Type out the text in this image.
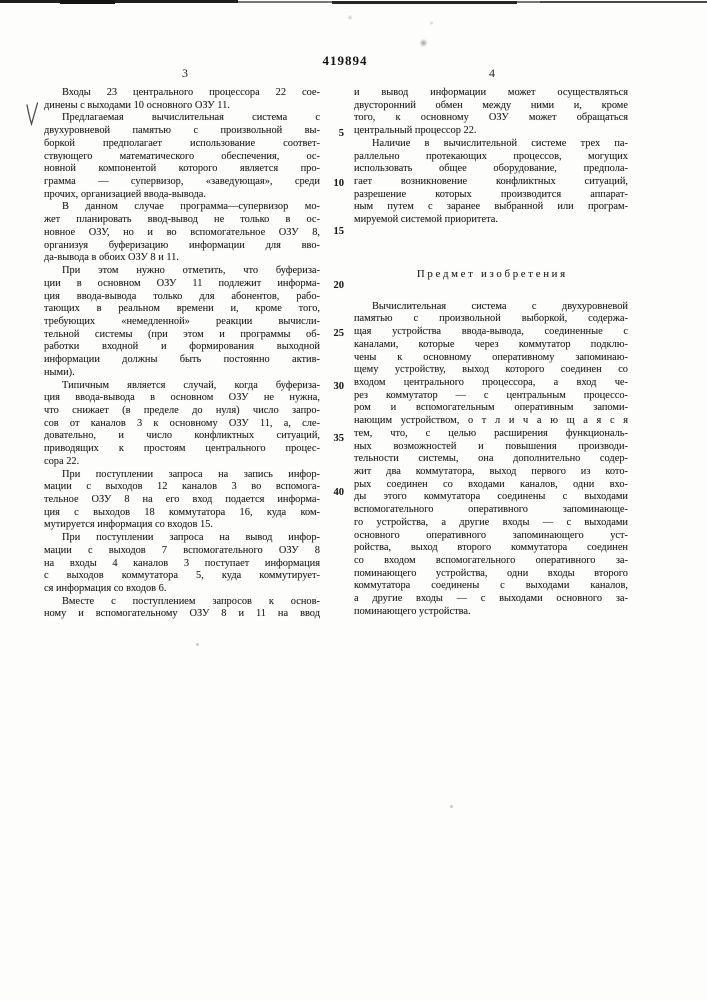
419894
3	4
Входы 23 центрального процессора 22 сое-
динены с выходами 10 основного ОЗУ 11.
Предлагаемая вычислительная система с
двухуровневой памятью с произвольной вы-
боркой предполагает использование соответ-
ствующего математического обеспечения, ос-
новной компонентой которого является про-
грамма — супервизор, «заведующая», среди
прочих, организацией ввода-вывода.
В данном случае программа—супервизор мо-
жет планировать ввод-вывод не только в ос-
новное ОЗУ, но и во вспомогательное ОЗУ 8,
организуя буферизацию информации для вво-
да-вывода в обоих ОЗУ 8 и 11.
При этом нужно отметить, что буфериза-
ции в основном ОЗУ 11 подлежит информа-
ция ввода-вывода только для абонентов, рабо-
тающих в реальном времени и, кроме того,
требующих «немедленной» реакции вычисли-
тельной системы (при этом и программы об-
работки входной и формирования выходной
информации должны быть постоянно актив-
ными).
Типичным является случай, когда буфериза-
ция ввода-вывода в основном ОЗУ не нужна,
что снижает (в пределе до нуля) число запро-
сов от каналов 3 к основному ОЗУ 11, а, сле-
довательно, и число конфликтных ситуаций,
приводящих к простоям центрального процес-
сора 22.
При поступлении запроса на запись инфор-
мации с выходов 12 каналов 3 во вспомога-
тельное ОЗУ 8 на его вход подается информа-
ция с выходов 18 коммутатора 16, куда ком-
мутируется информация со входов 15.
При поступлении запроса на вывод инфор-
мации с выходов 7 вспомогательного ОЗУ 8
на входы 4 каналов 3 поступает информация
с выходов коммутатора 5, куда коммутирует-
ся информация со входов 6.
Вместе с поступлением запросов к основ-
ному и вспомогательному ОЗУ 8 и 11 на ввод
и вывод информации может осуществляться
двусторонний обмен между ними и, кроме
того, к основному ОЗУ может обращаться
центральный процессор 22.
Наличие в вычислительной системе трех па-
раллельно протекающих процессов, могущих
использовать общее оборудование, предпола-
гает возникновение конфликтных ситуаций,
разрешение которых производится аппарат-
ным путем с заранее выбранной или програм-
мируемой системой приоритета.
П р е д м е т   и з о б р е т е н и я
Вычислительная система с двухуровневой
памятью с произвольной выборкой, содержа-
щая устройства ввода-вывода, соединенные с
каналами, которые через коммутатор подклю-
чены к основному оперативному запоминаю-
щему устройству, выход которого соединен со
входом центрального процессора, а вход че-
рез коммутатор — с центральным процессо-
ром и вспомогательным оперативным запоми-
нающим устройством, о т л и ч а ю щ а я с я
тем, что, с целью расширения функциональ-
ных возможностей и повышения производи-
тельности системы, она дополнительно содер-
жит два коммутатора, выход первого из кото-
рых соединен со входами каналов, одни вхо-
ды этого коммутатора соединены с выходами
вспомогательного оперативного запоминающе-
го устройства, а другие входы — с выходами
основного оперативного запоминающего уст-
ройства, выход второго коммутатора соединен
со входом вспомогательного оперативного за-
поминающего устройства, одни входы второго
коммутатора соединены с выходами каналов,
а другие входы — с выходами основного за-
поминающего устройства.
5
10
15
20
25
30
35
40
